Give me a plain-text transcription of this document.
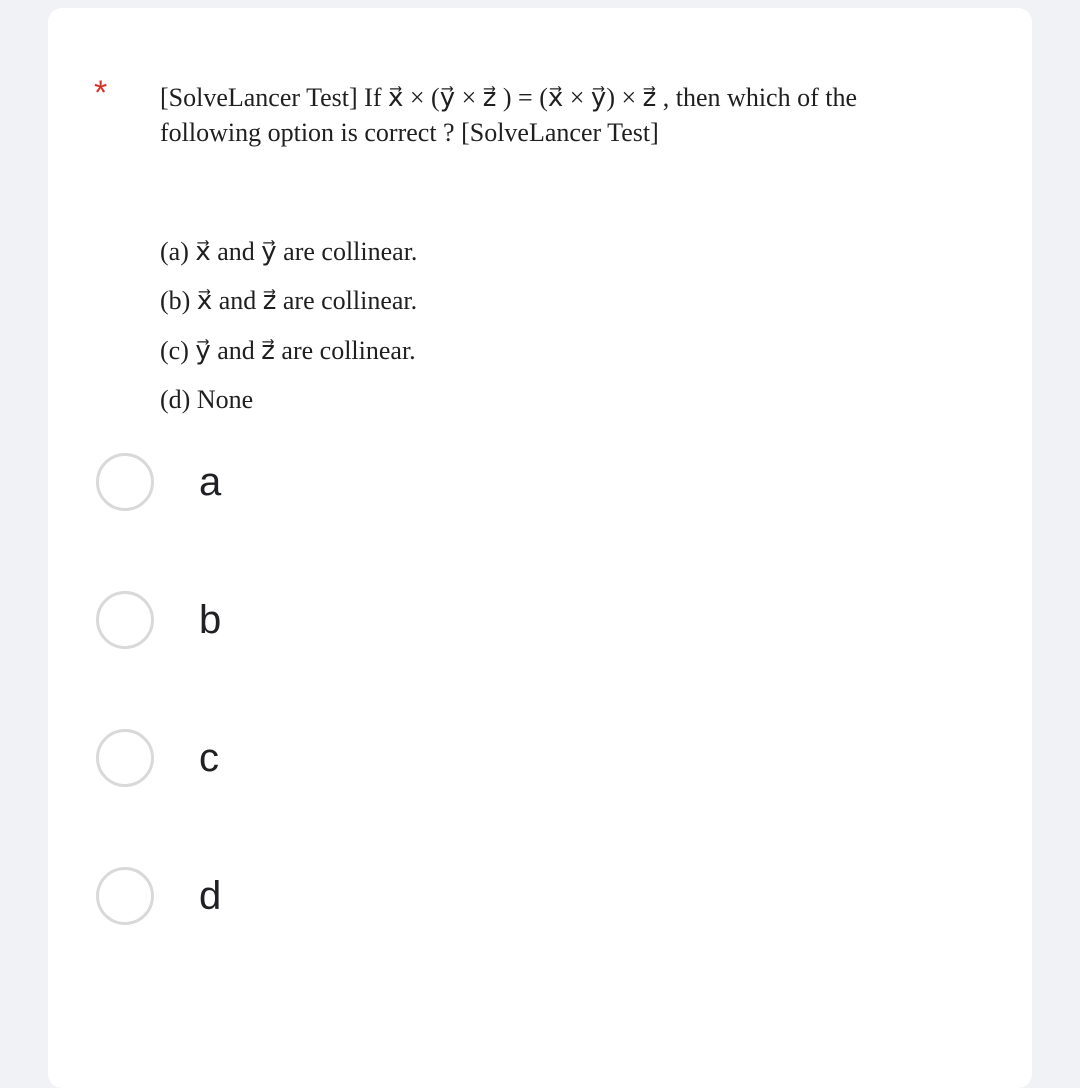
* [SolveLancer Test] If x⃗ × (y⃗ × z⃗ ) = (x⃗ × y⃗) × z⃗ , then which of the following option is correct ? [SolveLancer Test]

(a) x⃗ and y⃗ are collinear.

(b) x⃗ and z⃗ are collinear.

(c) y⃗ and z⃗ are collinear.

(d) None

a
b
c
d
